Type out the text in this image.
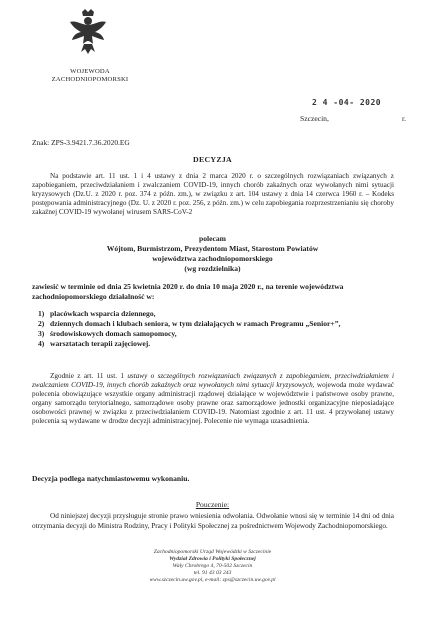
WOJEWODA
ZACHODNIOPOMORSKI
2 4 -04- 2020
Szczecin,	r.
Znak: ZPS-3.9421.7.36.2020.EG
DECYZJA
Na podstawie art. 11 ust. 1 i 4 ustawy z dnia 2 marca 2020 r. o szczególnych rozwiązaniach związanych z zapobieganiem, przeciwdziałaniem i zwalczaniem COVID-19, innych chorób zakaźnych oraz wywołanych nimi sytuacji kryzysowych (Dz.U. z 2020 r. poz. 374 z późn. zm.), w związku z art. 104 ustawy z dnia 14 czerwca 1960 r. – Kodeks postępowania administracyjnego (Dz. U. z 2020 r. poz. 256, z późn. zm.) w celu zapobiegania rozprzestrzenianiu się choroby zakaźnej COVID-19 wywołanej wirusem SARS-CoV-2
polecam
Wójtom, Burmistrzom, Prezydentom Miast, Starostom Powiatów
województwa zachodniopomorskiego
(wg rozdzielnika)
zawiesić w terminie od dnia 25 kwietnia 2020 r. do dnia 10 maja 2020 r., na terenie województwa zachodniopomorskiego działalność w:
1) placówkach wsparcia dziennego,
2) dziennych domach i klubach seniora, w tym działających w ramach Programu „Senior+”,
3) środowiskowych domach samopomocy,
4) warsztatach terapii zajęciowej.
Zgodnie z art. 11 ust. 1 ustawy o szczególnych rozwiązaniach związanych z zapobieganiem, przeciwdziałaniem i zwalczaniem COVID-19, innych chorób zakaźnych oraz wywołanych nimi sytuacji kryzysowych, wojewoda może wydawać polecenia obowiązujące wszystkie organy administracji rządowej działające w województwie i państwowe osoby prawne, organy samorządu terytorialnego, samorządowe osoby prawne oraz samorządowe jednostki organizacyjne nieposiadające osobowości prawnej w związku z przeciwdziałaniem COVID-19. Natomiast zgodnie z art. 11 ust. 4 przywołanej ustawy polecenia są wydawane w drodze decyzji administracyjnej. Polecenie nie wymaga uzasadnienia.
Decyzja podlega natychmiastowemu wykonaniu.
Pouczenie:
Od niniejszej decyzji przysługuje stronie prawo wniesienia odwołania. Odwołanie wnosi się w terminie 14 dni od dnia otrzymania decyzji do Ministra Rodziny, Pracy i Polityki Społecznej za pośrednictwem Wojewody Zachodniopomorskiego.
Zachodniopomorski Urząd Wojewódzki w Szczecinie
Wydział Zdrowia i Polityki Społecznej
Wały Chrobrego 4, 70-502 Szczecin
tel. 91 43 03 243
www.szczecin.uw.gov.pl, e-mail: zps@szczecin.uw.gov.pl
